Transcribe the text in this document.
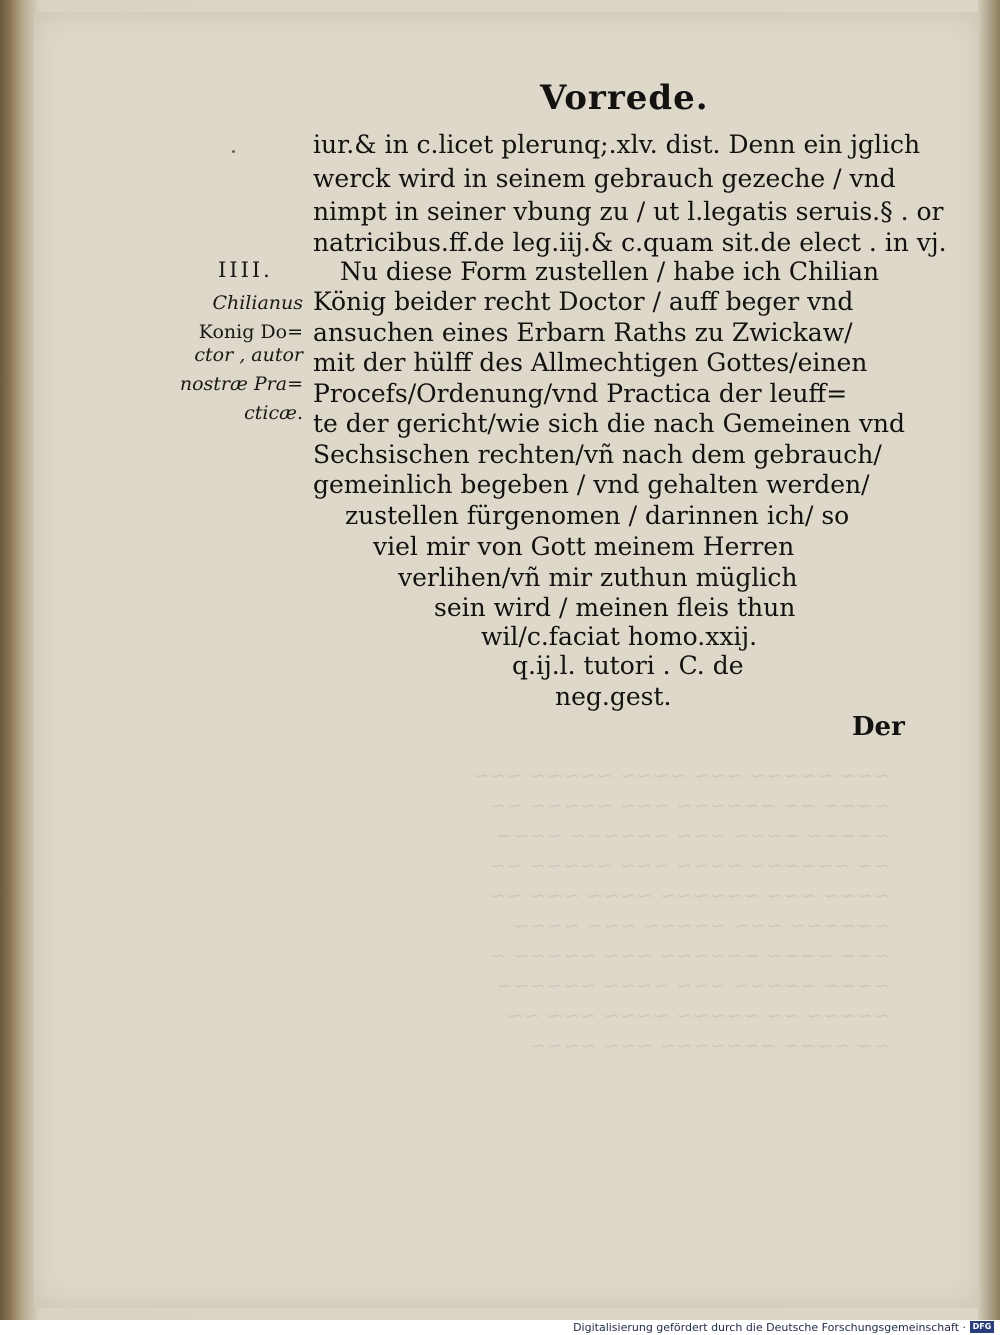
~~~ ~~~~~ ~~~ ~~~~ ~~~~~ ~~~
~~~~ ~~ ~~~~~~ ~~~ ~~~~~ ~~
~~~~~ ~~~~ ~~~ ~~~~~~ ~~~~
~~ ~~~~~~ ~~~~ ~~~ ~~~~~ ~~
~~~~ ~~~ ~~~~~~ ~~~~ ~~~ ~~
~~~~~~ ~~~ ~~~~~ ~~~ ~~~~
~~~ ~~~~ ~~~~~~ ~~~ ~~~~~ ~
~~~~ ~~~~~ ~~~ ~~~~ ~~~~~~
~~~~~ ~~ ~~~~~ ~~~~ ~~~ ~~
~~ ~~~~ ~~~~~~~ ~~~ ~~~~
Vorrede.
IIII.
Chilianus
Konig Do=
ctor , autor
nostræ Pra=
cticæ.
iur.& in c.licet plerunq;.xlv. dist. Denn ein jglich
werck wird in seinem gebrauch gezeche / vnd
nimpt in seiner vbung zu / ut l.legatis seruis.§ . or
natricibus.ff.de leg.iij.& c.quam sit.de elect . in vj.
Nu diese Form zustellen / habe ich Chilian
König beider recht Doctor / auff beger vnd
ansuchen eines Erbarn Raths zu Zwickaw/
mit der hülff des Allmechtigen Gottes/einen
Procefs/Ordenung/vnd Practica der leuff=
te der gericht/wie sich die nach Gemeinen vnd
Sechsischen rechten/vñ nach dem gebrauch/
gemeinlich begeben / vnd gehalten werden/
zustellen fürgenomen / darinnen ich/ so
viel mir von Gott meinem Herren
verlihen/vñ mir zuthun müglich
sein wird / meinen fleis thun
wil/c.faciat homo.xxij.
q.ij.l. tutori . C. de
neg.gest.
Der
Digitalisierung gefördert durch die Deutsche Forschungsgemeinschaft · DFG
